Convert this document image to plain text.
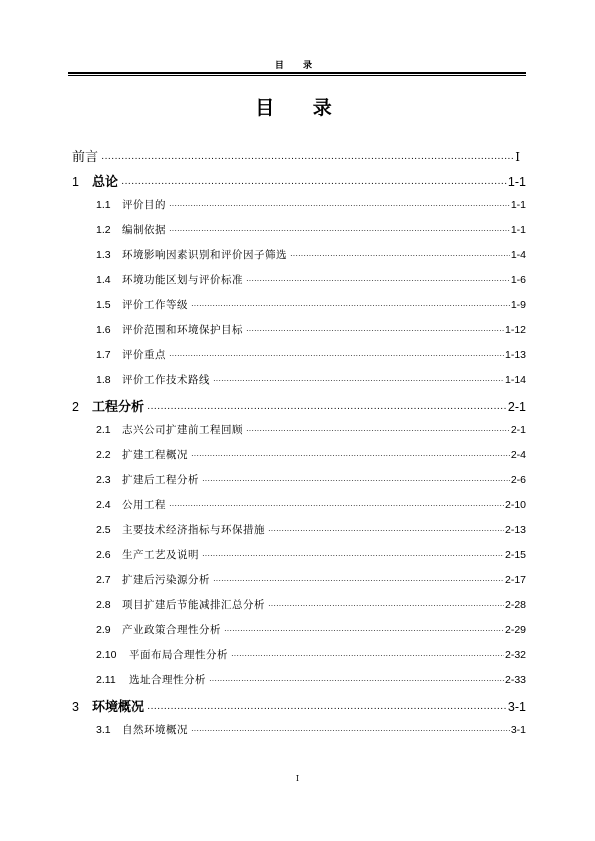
目 录
目 录
前言 ·····	I
1	总论 ·····	1-1
1.1	评价目的 ·····	1-1
1.2	编制依据 ·····	1-1
1.3	环境影响因素识别和评价因子筛选 ·····	1-4
1.4	环境功能区划与评价标准 ·····	1-6
1.5	评价工作等级 ·····	1-9
1.6	评价范围和环境保护目标 ·····	1-12
1.7	评价重点 ·····	1-13
1.8	评价工作技术路线 ·····	1-14
2	工程分析 ·····	2-1
2.1	志兴公司扩建前工程回顾 ·····	2-1
2.2	扩建工程概况 ·····	2-4
2.3	扩建后工程分析 ·····	2-6
2.4	公用工程 ·····	2-10
2.5	主要技术经济指标与环保措施 ·····	2-13
2.6	生产工艺及说明 ·····	2-15
2.7	扩建后污染源分析 ·····	2-17
2.8	项目扩建后节能减排汇总分析 ·····	2-28
2.9	产业政策合理性分析 ·····	2-29
2.10	平面布局合理性分析 ·····	2-32
2.11	选址合理性分析 ·····	2-33
3	环境概况 ·····	3-1
3.1	自然环境概况 ·····	3-1
I
